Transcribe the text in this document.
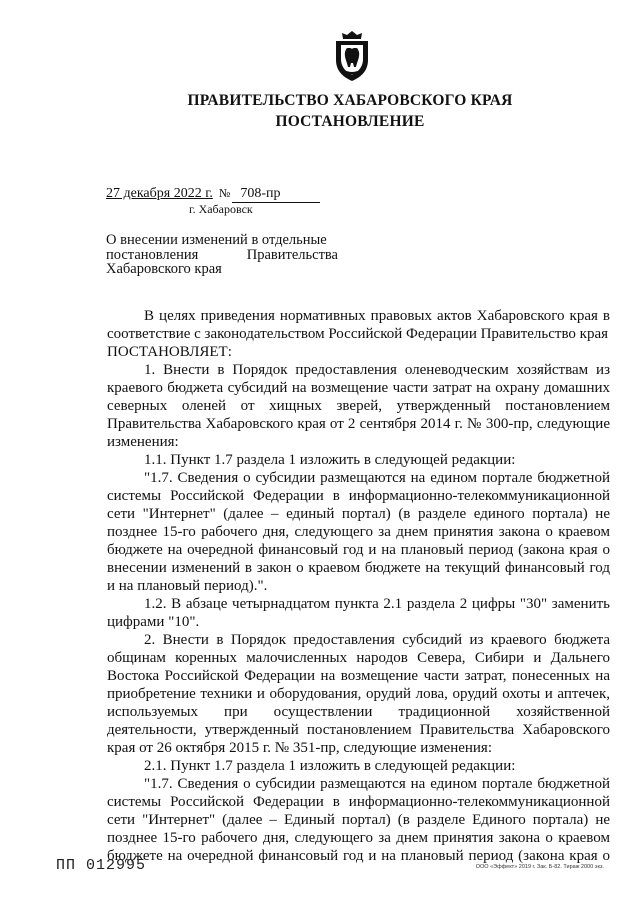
ПРАВИТЕЛЬСТВО ХАБАРОВСКОГО КРАЯ
ПОСТАНОВЛЕНИЕ
27 декабря 2022 г. № 708-пр
г. Хабаровск
О внесении изменений в отдельные
постановления	Правительства
Хабаровского края

В целях приведения нормативных правовых актов Хабаровского края в соответствие с законодательством Российской Федерации Правительство края

ПОСТАНОВЛЯЕТ:

1. Внести в Порядок предоставления оленеводческим хозяйствам из краевого бюджета субсидий на возмещение части затрат на охрану домашних северных оленей от хищных зверей, утвержденный постановлением Правительства Хабаровского края от 2 сентября 2014 г. № 300-пр, следующие изменения:

1.1. Пункт 1.7 раздела 1 изложить в следующей редакции:

"1.7. Сведения о субсидии размещаются на едином портале бюджетной системы Российской Федерации в информационно-телекоммуникационной сети "Интернет" (далее – единый портал) (в разделе единого портала) не позднее 15-го рабочего дня, следующего за днем принятия закона о краевом бюджете на очередной финансовый год и на плановый период (закона края о внесении изменений в закон о краевом бюджете на текущий финансовый год и на плановый период).".

1.2. В абзаце четырнадцатом пункта 2.1 раздела 2 цифры "30" заменить цифрами "10".

2. Внести в Порядок предоставления субсидий из краевого бюджета общинам коренных малочисленных народов Севера, Сибири и Дальнего Востока Российской Федерации на возмещение части затрат, понесенных на приобретение техники и оборудования, орудий лова, орудий охоты и аптечек, используемых при осуществлении традиционной хозяйственной деятельности, утвержденный постановлением Правительства Хабаровского края от 26 октября 2015 г. № 351-пр, следующие изменения:

2.1. Пункт 1.7 раздела 1 изложить в следующей редакции:

"1.7. Сведения о субсидии размещаются на едином портале бюджетной системы Российской Федерации в информационно-телекоммуникационной сети "Интернет" (далее – Единый портал) (в разделе Единого портала) не позднее 15-го рабочего дня, следующего за днем принятия закона о краевом бюджете на очередной финансовый год и на плановый период (закона края о

ПП 012995	ООО «Эффект» 2019 г. Зак. Б-82. Тираж 2000 экз.
